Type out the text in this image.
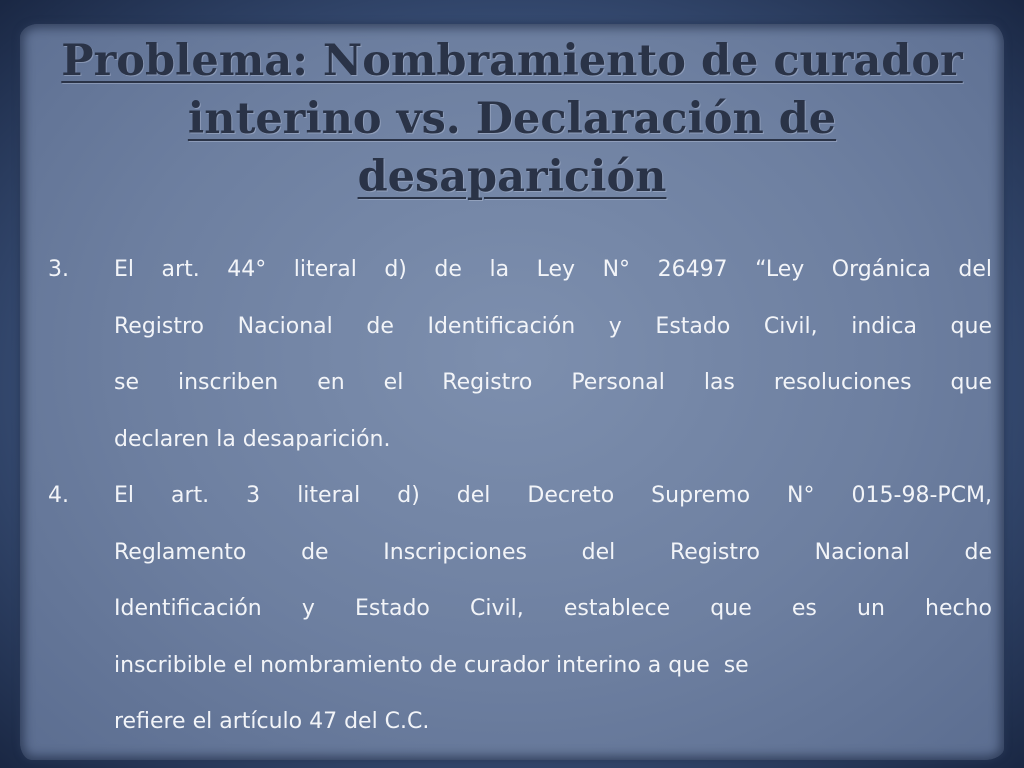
Problema: Nombramiento de curador
interino vs. Declaración de
desaparición
3. El art. 44° literal d) de la Ley N° 26497 “Ley Orgánica del
Registro Nacional de Identificación y Estado Civil, indica que
se inscriben en el Registro Personal las resoluciones que
declaren la desaparición.
4. El art. 3 literal d) del Decreto Supremo N° 015-98-PCM,
Reglamento de Inscripciones del Registro Nacional de
Identificación y Estado Civil, establece que es un hecho
inscribible el nombramiento de curador interino a que  se
refiere el artículo 47 del C.C.
